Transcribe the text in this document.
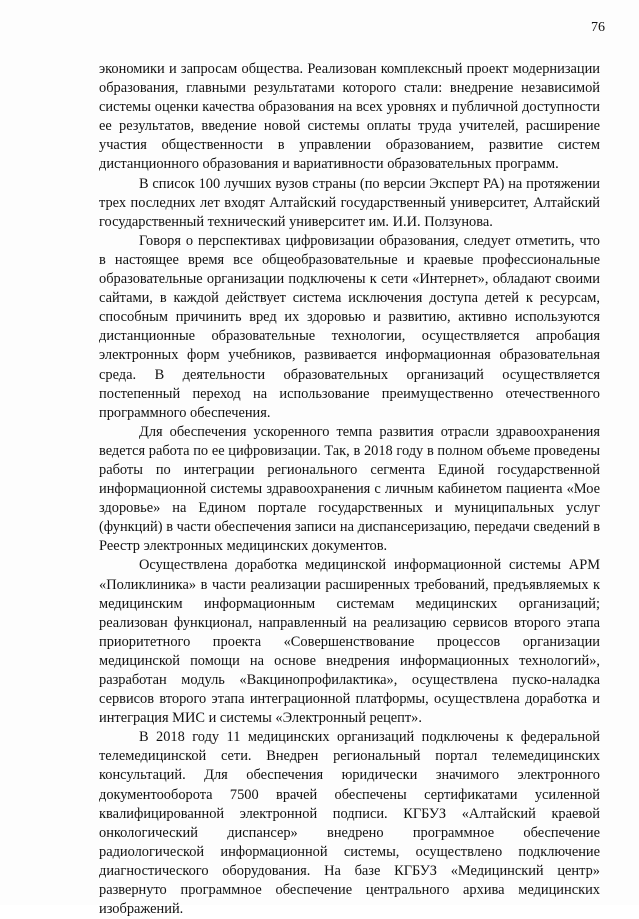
76

экономики и запросам общества. Реализован комплексный проект модернизации образования, главными результатами которого стали: внедрение независимой системы оценки качества образования на всех уровнях и публичной доступности ее результатов, введение новой системы оплаты труда учителей, расширение участия общественности в управлении образованием, развитие систем дистанционного образования и вариативности образовательных программ.

В список 100 лучших вузов страны (по версии Эксперт РА) на протяжении трех последних лет входят Алтайский государственный университет, Алтайский государственный технический университет им. И.И. Ползунова.

Говоря о перспективах цифровизации образования, следует отметить, что в настоящее время все общеобразовательные и краевые профессиональные образовательные организации подключены к сети «Интернет», обладают своими сайтами, в каждой действует система исключения доступа детей к ресурсам, способным причинить вред их здоровью и развитию, активно используются дистанционные образовательные технологии, осуществляется апробация электронных форм учебников, развивается информационная образовательная среда. В деятельности образовательных организаций осуществляется постепенный переход на использование преимущественно отечественного программного обеспечения.

Для обеспечения ускоренного темпа развития отрасли здравоохранения ведется работа по ее цифровизации. Так, в 2018 году в полном объеме проведены работы по интеграции регионального сегмента Единой государственной информационной системы здравоохранения с личным кабинетом пациента «Мое здоровье» на Едином портале государственных и муниципальных услуг (функций) в части обеспечения записи на диспансеризацию, передачи сведений в Реестр электронных медицинских документов.

Осуществлена доработка медицинской информационной системы АРМ «Поликлиника» в части реализации расширенных требований, предъявляемых к медицинским информационным системам медицинских организаций; реализован функционал, направленный на реализацию сервисов второго этапа приоритетного проекта «Совершенствование процессов организации медицинской помощи на основе внедрения информационных технологий», разработан модуль «Вакцинопрофилактика», осуществлена пуско-наладка сервисов второго этапа интеграционной платформы, осуществлена доработка и интеграция МИС и системы «Электронный рецепт».

В 2018 году 11 медицинских организаций подключены к федеральной телемедицинской сети. Внедрен региональный портал телемедицинских консультаций. Для обеспечения юридически значимого электронного документооборота 7500 врачей обеспечены сертификатами усиленной квалифицированной электронной подписи. КГБУЗ «Алтайский краевой онкологический диспансер» внедрено программное обеспечение радиологической информационной системы, осуществлено подключение диагностического оборудования. На базе КГБУЗ «Медицинский центр» развернуто программное обеспечение центрального архива медицинских изображений.
